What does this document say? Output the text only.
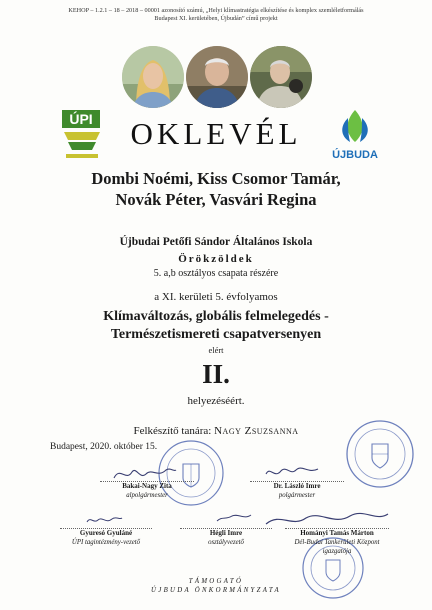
KEHOP – 1.2.1 – 18 – 2018 – 00001 azonosító számú, „Helyi klímastratégia elkészítése és komplex szemléletformálás
Budapest XI. kerületében, Újbudán” című projekt
ÚPI
ÚJBUDA
OKLEVÉL
Dombi Noémi, Kiss Csomor Tamár,
Novák Péter, Vasvári Regina
Újbudai Petőfi Sándor Általános Iskola
Örökzöldek
5. a,b osztályos csapata részére
a XI. kerületi 5. évfolyamos
Klímaváltozás, globális felmelegedés -
Természetismereti csapatversenyen
elért
II.
helyezéséért.
Felkészítő tanára: Nagy Zsuzsanna
Budapest, 2020. október 15.
Bakai-Nagy Zita
alpolgármester
Dr. László Imre
polgármester
Gyuresó Gyuláné
ÚPI tagintézmény-vezető
Hégli Imre
osztályvezető
Hományi Tamás Márton
Dél-Budai Tankerületi Központ
igazgatója
TÁMOGATÓ
ÚJBUDA ÖNKORMÁNYZATA
